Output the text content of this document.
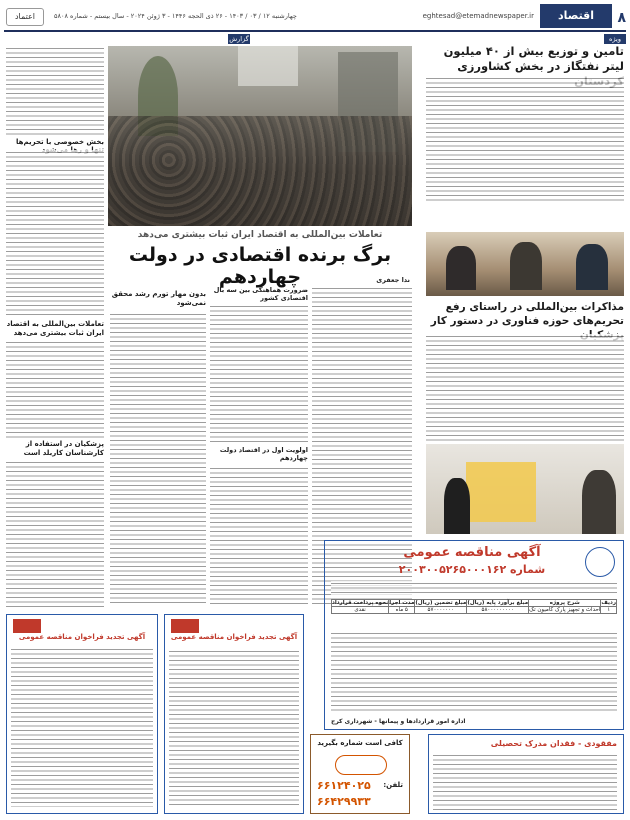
۸
eghtesad@etemadnewspaper.ir
چهارشنبه ۱۲ / ۰۳ / ۱۴۰۳ - ۲۶ ذی الحجه ۱۴۴۶ - ۳ ژوئن ۲۰۲۴ - سال بیستم - شماره ۵۸۰۸
اعتماد	اقتصاد
ویژه
تامین و توزیع بیش از ۴۰ میلیون لیتر نفتگاز در بخش کشاورزی
گزارش
بخش خصوصی با تحریم‌ها
تعاملات بین‌المللی به اقتصاد ایران ثبات بیشتری می‌دهد
پزشکیان در استفاده از کارشناسان کاربلد است
تعاملات بین‌المللی به اقتصاد ایران ثبات بیشتری می‌دهد
برگ برنده اقتصادی در دولت چهاردهم	ندا جعفری
ضرورت هماهنگی بین سه بال اقتصادی کشور
اولویت اول در اقتصاد دولت چهاردهم
بدون مهار تورم رشد محقق نمی‌شود	مذاکرات بین‌المللی در راستای رفع تحریم‌های حوزه فناوری در دستور کار
آگهی مناقصه عمومی
شماره ۲۰۰۳۰۰۵۲۶۵۰۰۰۱۶۲
ردیف	شرح پروژه	مبلغ برآورد پایه (ریال)	مبلغ تضمین (ریال)	مدت اجرا	نحوه پرداخت قرارداد
۱	احداث و تجهیز پارک کامیون تک	۵۸۰۰۰۰۰۰۰۰۰	۵۷۰۰۰۰۰۰۰	۵ ماه	نقدی
اداره امور قراردادها و پیمانها - شهرداری کرج
آگهی تجدید فراخوان مناقصه عمومی	آگهی تجدید فراخوان مناقصه عمومی
کافی است شماره بگیرید
تلفن:
۶۶۱۲۴۰۲۵
۶۶۴۲۹۹۳۳
مفقودی - فقدان مدرک تحصیلی
